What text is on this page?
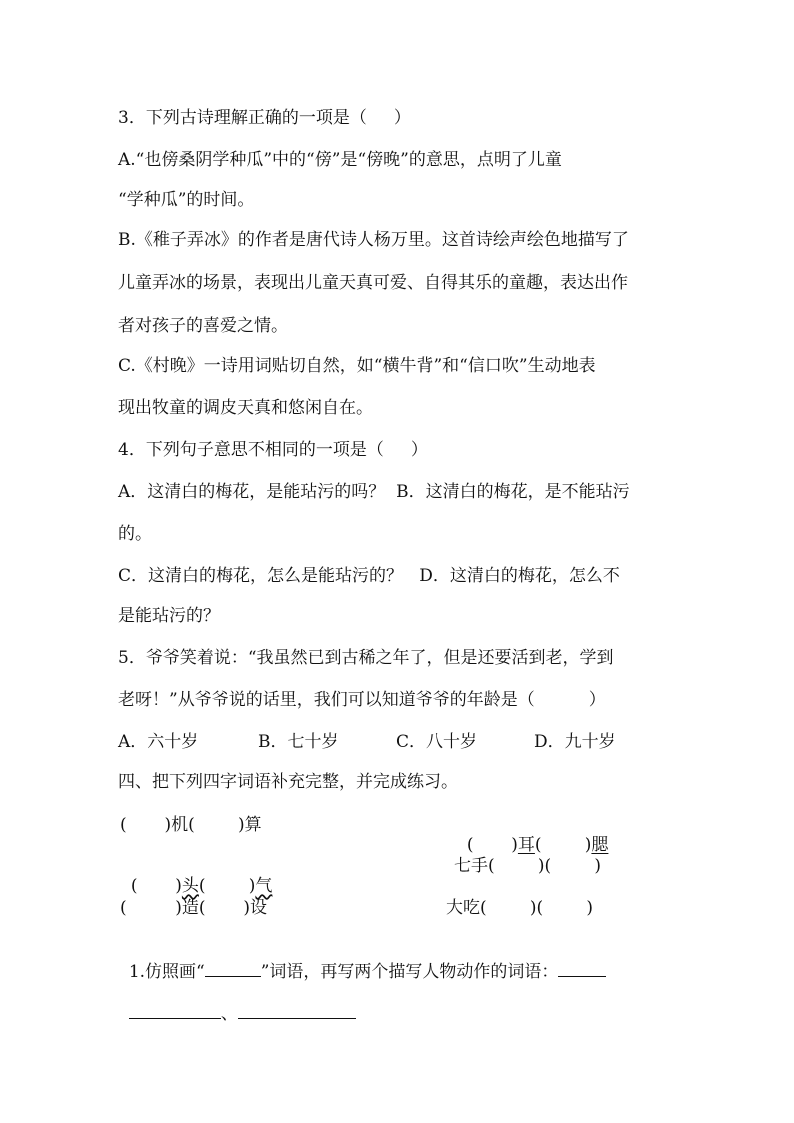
3．下列古诗理解正确的一项是（     ）
A.“也傍桑阴学种瓜”中的“傍”是“傍晚”的意思，点明了儿童
“学种瓜”的时间。
B.《稚子弄冰》的作者是唐代诗人杨万里。这首诗绘声绘色地描写了
儿童弄冰的场景，表现出儿童天真可爱、自得其乐的童趣，表达出作
者对孩子的喜爱之情。
C.《村晚》一诗用词贴切自然，如“横牛背”和“信口吹”生动地表
现出牧童的调皮天真和悠闲自在。
4．下列句子意思不相同的一项是（     ）
A．这清白的梅花，是能玷污的吗？  B．这清白的梅花，是不能玷污
的。
C．这清白的梅花，怎么是能玷污的？   D．这清白的梅花，怎么不
是能玷污的？
5．爷爷笑着说：“我虽然已到古稀之年了，但是还要活到老，学到
老呀！”从爷爷说的话里，我们可以知道爷爷的年龄是（          ）
A．六十岁	B．七十岁	C．八十岁	D．九十岁
四、把下列四字词语补充完整，并完成练习。
(       )机(        )算

(       )耳(        )腮

(       )头(        )气

七手(        )(        )
(         )造(       )设	大吃(        )(        )

1.仿照画“	”词语，再写两个描写人物动作的词语：

、
